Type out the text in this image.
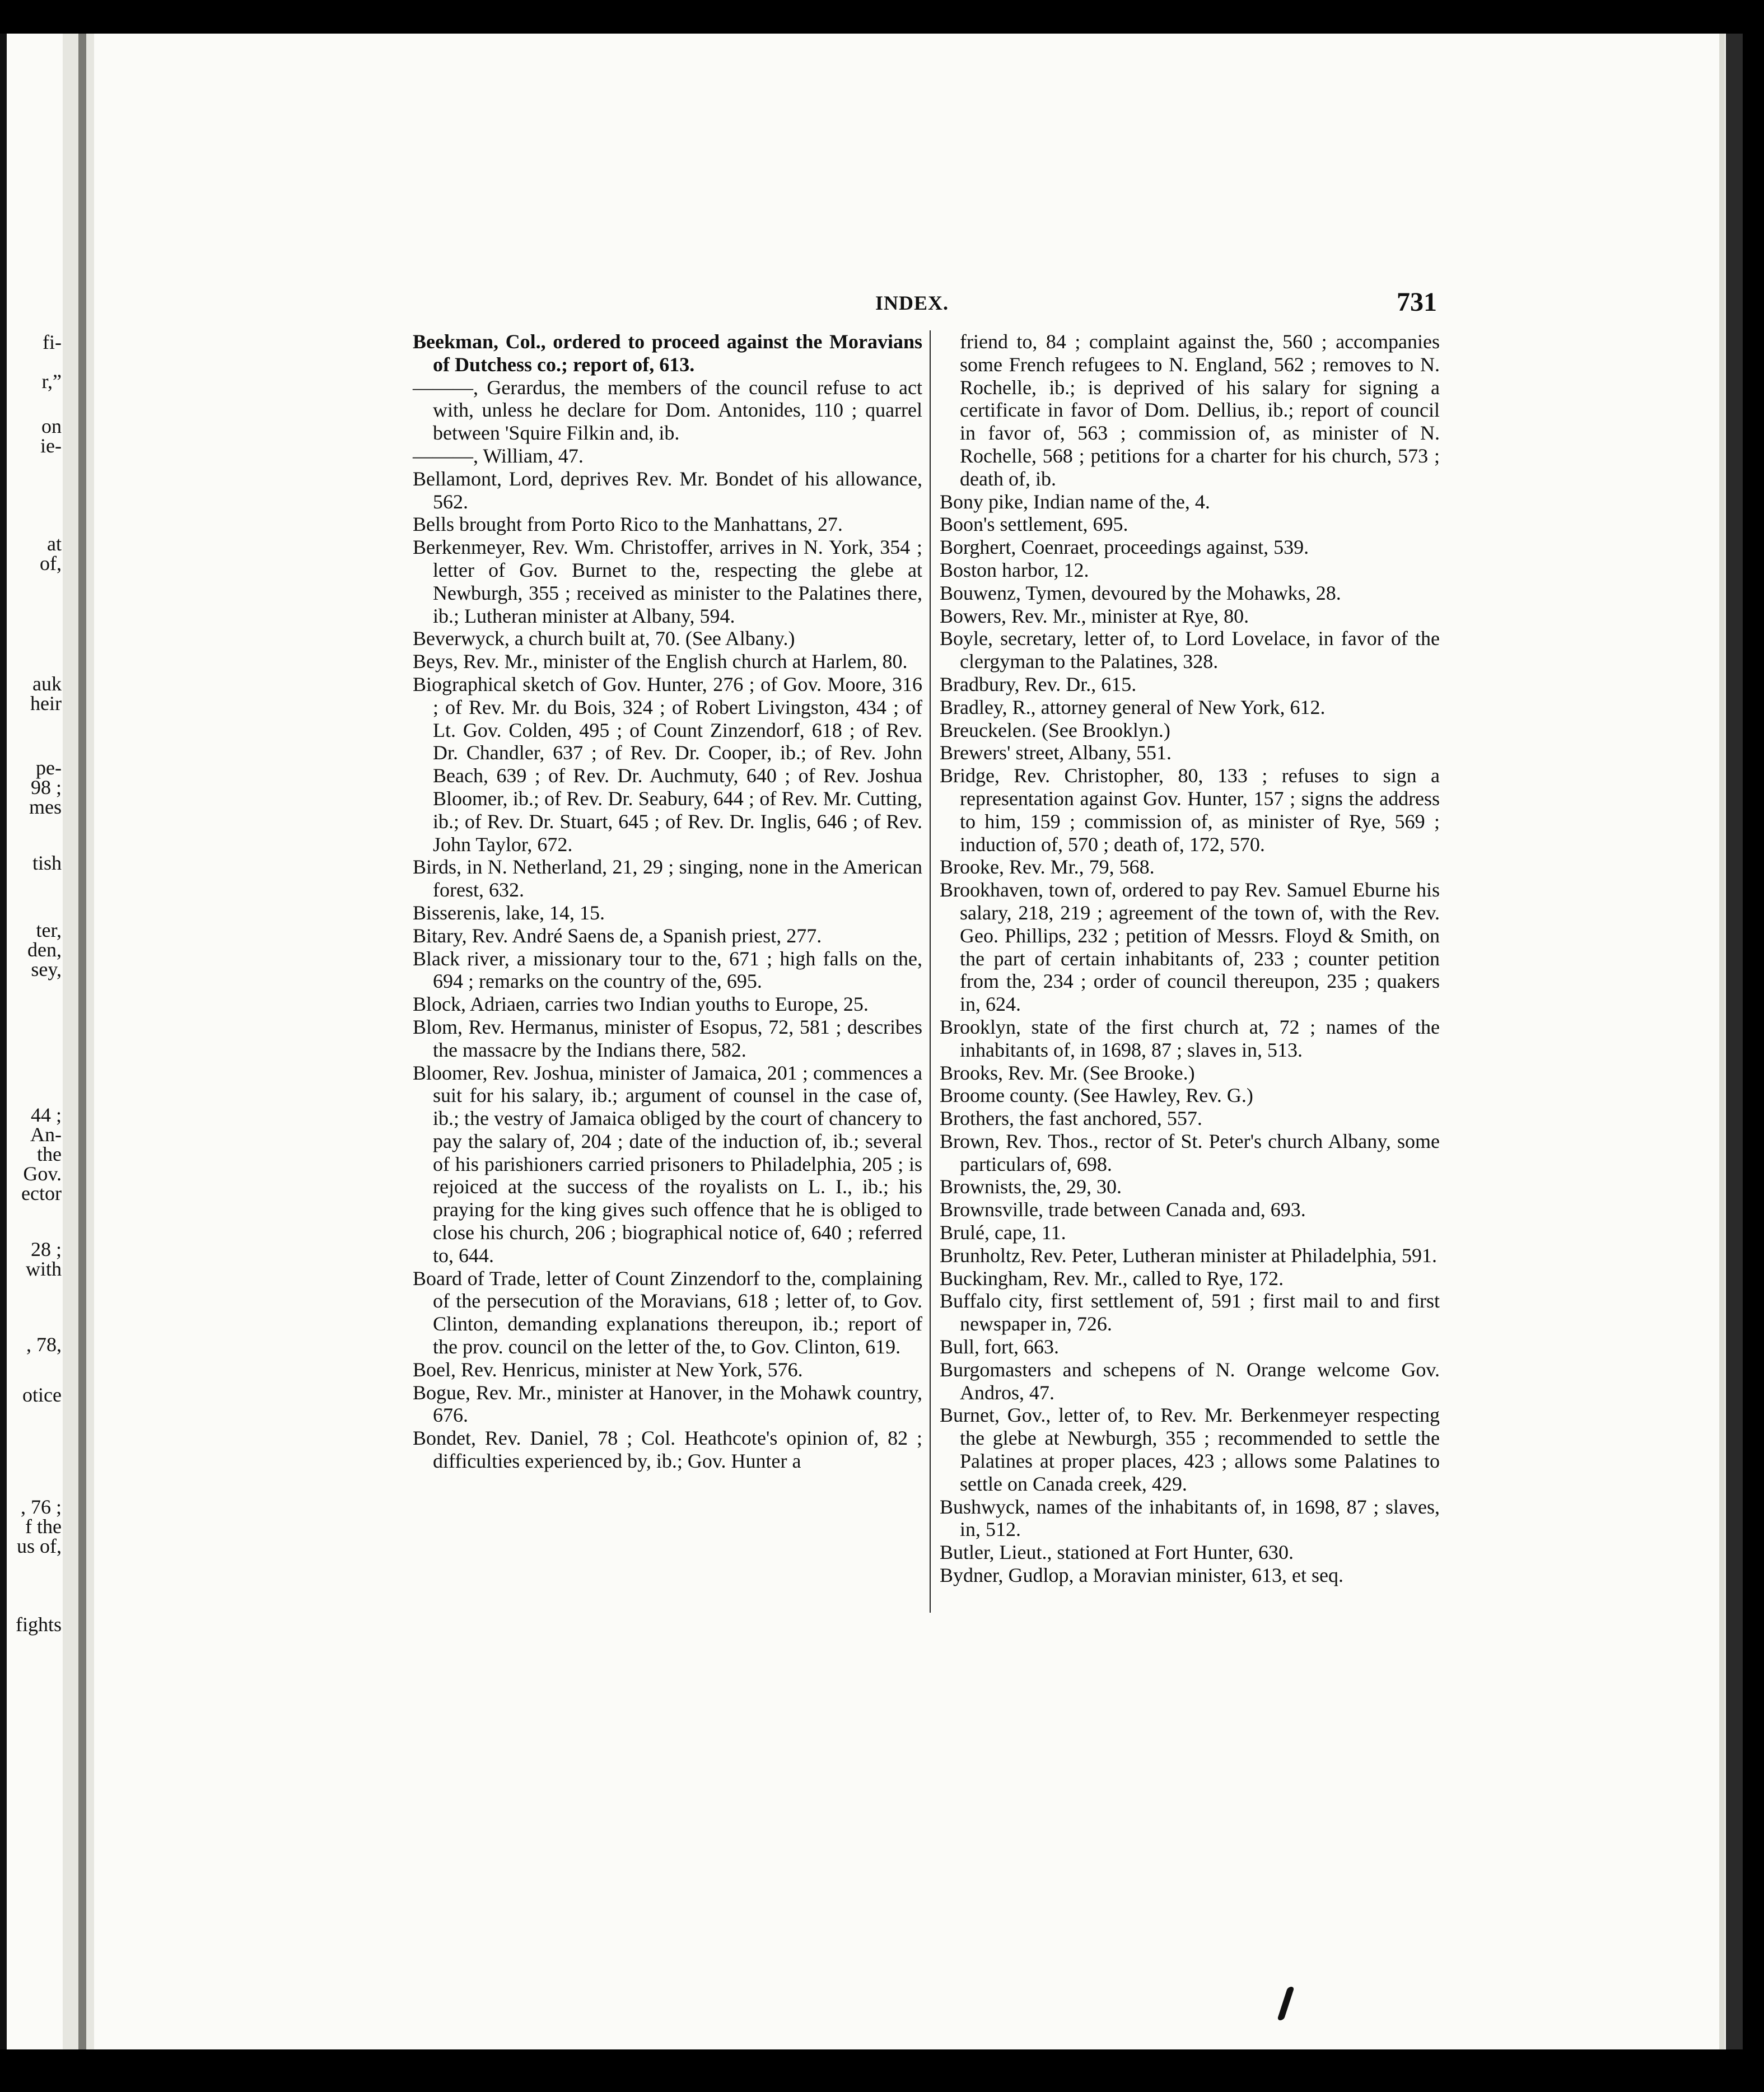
fi-
r,”
on
ie-
at
of,
auk
heir
pe-
98 ;
mes
tish
ter,
den,
sey,
44 ;
An-
the
Gov.
ector
28 ;
with
, 78,
otice
, 76 ;
f the
us of,
fights
INDEX.	731

Beekman, Col., ordered to proceed against the Moravians of Dutchess co.; report of, 613.

———, Gerardus, the members of the council refuse to act with, unless he declare for Dom. Antonides, 110 ; quarrel between 'Squire Filkin and, ib.

———, William, 47.

Bellamont, Lord, deprives Rev. Mr. Bondet of his allowance, 562.

Bells brought from Porto Rico to the Manhattans, 27.

Berkenmeyer, Rev. Wm. Christoffer, arrives in N. York, 354 ; letter of Gov. Burnet to the, respecting the glebe at Newburgh, 355 ; received as minister to the Palatines there, ib.; Lutheran minister at Albany, 594.

Beverwyck, a church built at, 70. (See Albany.)

Beys, Rev. Mr., minister of the English church at Harlem, 80.

Biographical sketch of Gov. Hunter, 276 ; of Gov. Moore, 316 ; of Rev. Mr. du Bois, 324 ; of Robert Livingston, 434 ; of Lt. Gov. Colden, 495 ; of Count Zinzendorf, 618 ; of Rev. Dr. Chandler, 637 ; of Rev. Dr. Cooper, ib.; of Rev. John Beach, 639 ; of Rev. Dr. Auchmuty, 640 ; of Rev. Joshua Bloomer, ib.; of Rev. Dr. Seabury, 644 ; of Rev. Mr. Cutting, ib.; of Rev. Dr. Stuart, 645 ; of Rev. Dr. Inglis, 646 ; of Rev. John Taylor, 672.

Birds, in N. Netherland, 21, 29 ; singing, none in the American forest, 632.

Bisserenis, lake, 14, 15.

Bitary, Rev. André Saens de, a Spanish priest, 277.

Black river, a missionary tour to the, 671 ; high falls on the, 694 ; remarks on the country of the, 695.

Block, Adriaen, carries two Indian youths to Europe, 25.

Blom, Rev. Hermanus, minister of Esopus, 72, 581 ; describes the massacre by the Indians there, 582.

Bloomer, Rev. Joshua, minister of Jamaica, 201 ; commences a suit for his salary, ib.; argument of counsel in the case of, ib.; the vestry of Jamaica obliged by the court of chancery to pay the salary of, 204 ; date of the induction of, ib.; several of his parishioners carried prisoners to Philadelphia, 205 ; is rejoiced at the success of the royalists on L. I., ib.; his praying for the king gives such offence that he is obliged to close his church, 206 ; biographical notice of, 640 ; referred to, 644.

Board of Trade, letter of Count Zinzendorf to the, complaining of the persecution of the Moravians, 618 ; letter of, to Gov. Clinton, demanding explanations thereupon, ib.; report of the prov. council on the letter of the, to Gov. Clinton, 619.

Boel, Rev. Henricus, minister at New York, 576.

Bogue, Rev. Mr., minister at Hanover, in the Mohawk country, 676.

Bondet, Rev. Daniel, 78 ; Col. Heathcote's opinion of, 82 ; difficulties experienced by, ib.; Gov. Hunter a

friend to, 84 ; complaint against the, 560 ; accompanies some French refugees to N. England, 562 ; removes to N. Rochelle, ib.; is deprived of his salary for signing a certificate in favor of Dom. Dellius, ib.; report of council in favor of, 563 ; commission of, as minister of N. Rochelle, 568 ; petitions for a charter for his church, 573 ; death of, ib.

Bony pike, Indian name of the, 4.

Boon's settlement, 695.

Borghert, Coenraet, proceedings against, 539.

Boston harbor, 12.

Bouwenz, Tymen, devoured by the Mohawks, 28.

Bowers, Rev. Mr., minister at Rye, 80.

Boyle, secretary, letter of, to Lord Lovelace, in favor of the clergyman to the Palatines, 328.

Bradbury, Rev. Dr., 615.

Bradley, R., attorney general of New York, 612.

Breuckelen. (See Brooklyn.)

Brewers' street, Albany, 551.

Bridge, Rev. Christopher, 80, 133 ; refuses to sign a representation against Gov. Hunter, 157 ; signs the address to him, 159 ; commission of, as minister of Rye, 569 ; induction of, 570 ; death of, 172, 570.

Brooke, Rev. Mr., 79, 568.

Brookhaven, town of, ordered to pay Rev. Samuel Eburne his salary, 218, 219 ; agreement of the town of, with the Rev. Geo. Phillips, 232 ; petition of Messrs. Floyd & Smith, on the part of certain inhabitants of, 233 ; counter petition from the, 234 ; order of council thereupon, 235 ; quakers in, 624.

Brooklyn, state of the first church at, 72 ; names of the inhabitants of, in 1698, 87 ; slaves in, 513.

Brooks, Rev. Mr. (See Brooke.)

Broome county. (See Hawley, Rev. G.)

Brothers, the fast anchored, 557.

Brown, Rev. Thos., rector of St. Peter's church Albany, some particulars of, 698.

Brownists, the, 29, 30.

Brownsville, trade between Canada and, 693.

Brulé, cape, 11.

Brunholtz, Rev. Peter, Lutheran minister at Philadelphia, 591.

Buckingham, Rev. Mr., called to Rye, 172.

Buffalo city, first settlement of, 591 ; first mail to and first newspaper in, 726.

Bull, fort, 663.

Burgomasters and schepens of N. Orange welcome Gov. Andros, 47.

Burnet, Gov., letter of, to Rev. Mr. Berkenmeyer respecting the glebe at Newburgh, 355 ; recommended to settle the Palatines at proper places, 423 ; allows some Palatines to settle on Canada creek, 429.

Bushwyck, names of the inhabitants of, in 1698, 87 ; slaves, in, 512.

Butler, Lieut., stationed at Fort Hunter, 630.

Bydner, Gudlop, a Moravian minister, 613, et seq.
